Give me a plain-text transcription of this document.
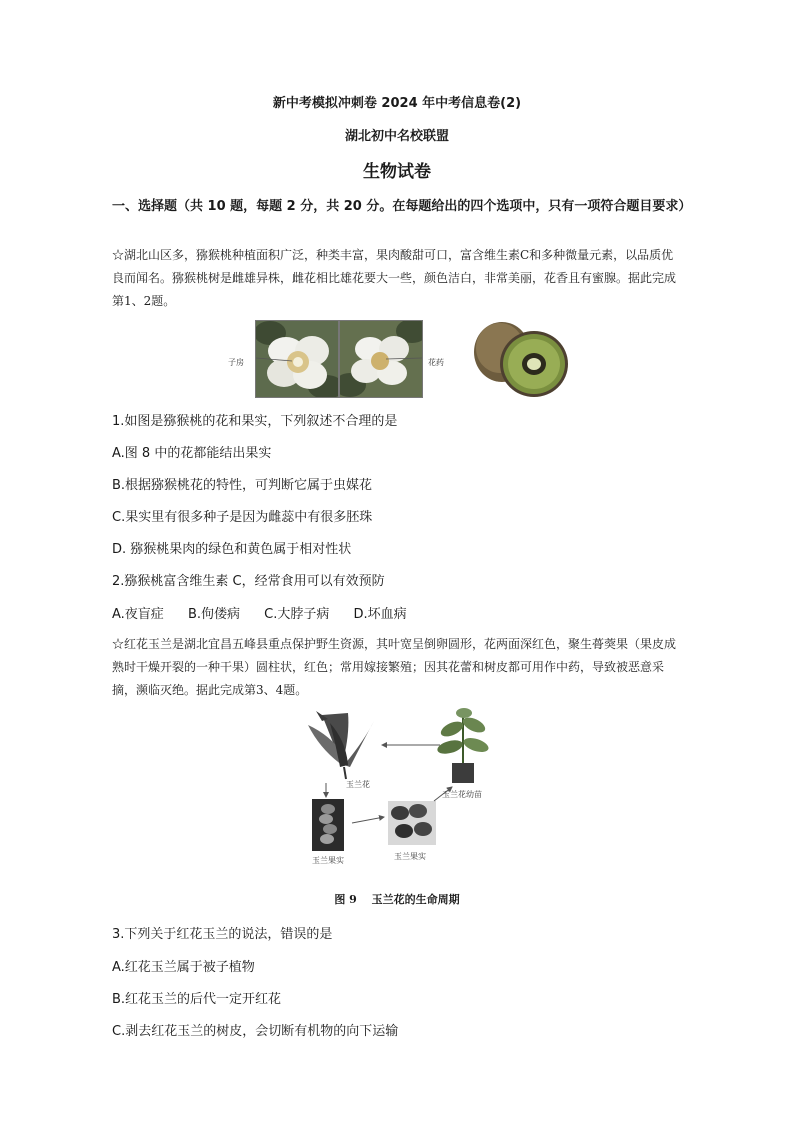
新中考模拟冲刺卷 2024 年中考信息卷(2)
湖北初中名校联盟
生物试卷
一、选择题（共 10 题，每题 2 分，共 20 分。在每题给出的四个选项中，只有一项符合题目要求）
☆湖北山区多，猕猴桃种植面积广泛，种类丰富，果肉酸甜可口，富含维生素C和多种微量元素，以品质优良而闻名。猕猴桃树是雌雄异株，雌花相比雄花要大一些，颜色洁白，非常美丽，花香且有蜜腺。据此完成第1、2题。
子房	花药
1.如图是猕猴桃的花和果实，下列叙述不合理的是
A.图 8 中的花都能结出果实
B.根据猕猴桃花的特性，可判断它属于虫媒花
C.果实里有很多种子是因为雌蕊中有很多胚珠
D. 猕猴桃果肉的绿色和黄色属于相对性状
2.猕猴桃富含维生素 C，经常食用可以有效预防
A.夜盲症 B.佝偻病 C.大脖子病 D.坏血病
☆红花玉兰是湖北宜昌五峰县重点保护野生资源，其叶宽呈倒卵圆形，花两面深红色，聚生蓇葖果（果皮成熟时干燥开裂的一种干果）圆柱状，红色；常用嫁接繁殖；因其花蕾和树皮都可用作中药，导致被恶意采摘，濒临灭绝。据此完成第3、4题。
玉兰花
玉兰花幼苗
玉兰果实	玉兰果实
图 9　 玉兰花的生命周期
3.下列关于红花玉兰的说法，错误的是
A.红花玉兰属于被子植物
B.红花玉兰的后代一定开红花
C.剥去红花玉兰的树皮，会切断有机物的向下运输
